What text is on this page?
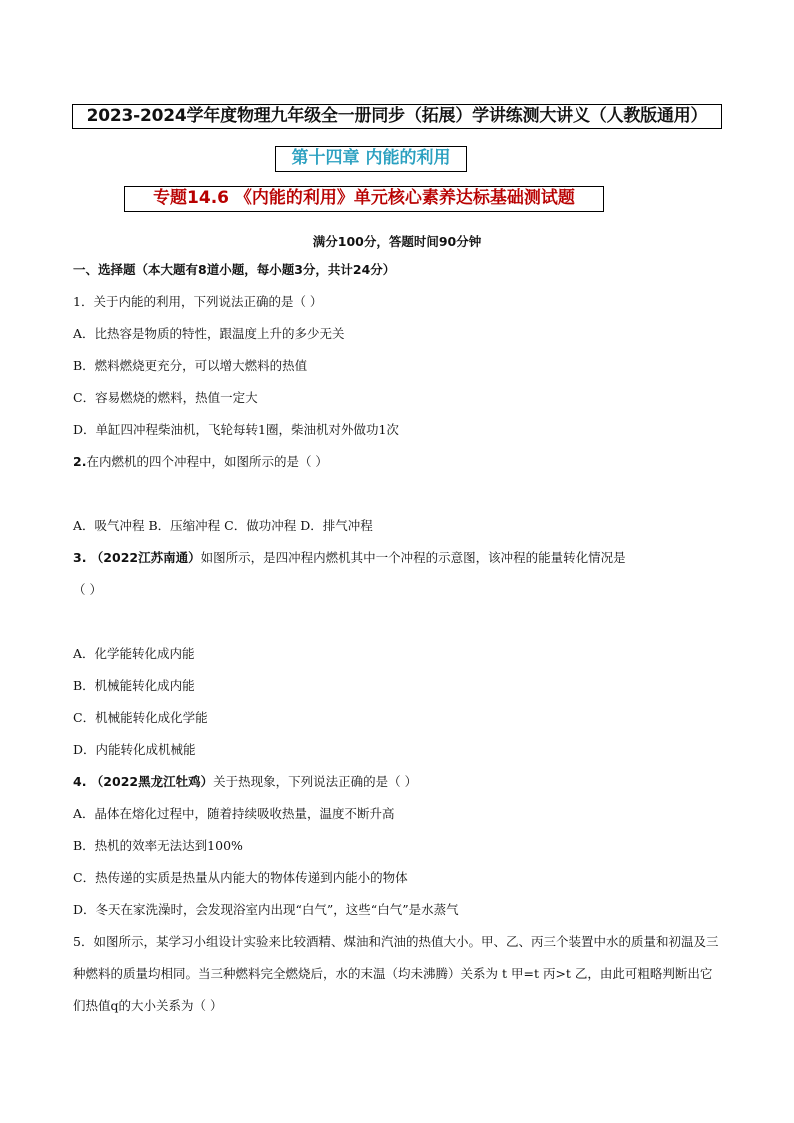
2023-2024学年度物理九年级全一册同步（拓展）学讲练测大讲义（人教版通用）
第十四章 内能的利用
专题14.6 《内能的利用》单元核心素养达标基础测试题
满分100分，答题时间90分钟
一、选择题（本大题有8道小题，每小题3分，共计24分）
1．关于内能的利用，下列说法正确的是（ ）
A．比热容是物质的特性，跟温度上升的多少无关
B．燃料燃烧更充分，可以增大燃料的热值
C．容易燃烧的燃料，热值一定大
D．单缸四冲程柴油机，飞轮每转1圈，柴油机对外做功1次
2.在内燃机的四个冲程中，如图所示的是（ ）
A．吸气冲程 B．压缩冲程 C．做功冲程 D．排气冲程
3. （2022江苏南通）如图所示，是四冲程内燃机其中一个冲程的示意图，该冲程的能量转化情况是
（ ）
A．化学能转化成内能
B．机械能转化成内能
C．机械能转化成化学能
D．内能转化成机械能
4. （2022黑龙江牡鸡）关于热现象，下列说法正确的是（ ）
A．晶体在熔化过程中，随着持续吸收热量，温度不断升高
B．热机的效率无法达到100%
C．热传递的实质是热量从内能大的物体传递到内能小的物体
D．冬天在家洗澡时，会发现浴室内出现“白气”，这些“白气”是水蒸气
5．如图所示，某学习小组设计实验来比较酒精、煤油和汽油的热值大小。甲、乙、丙三个装置中水的质量和初温及三种燃料的质量均相同。当三种燃料完全燃烧后，水的末温（均未沸腾）关系为 t 甲=t 丙>t 乙，由此可粗略判断出它们热值q的大小关系为（ ）
